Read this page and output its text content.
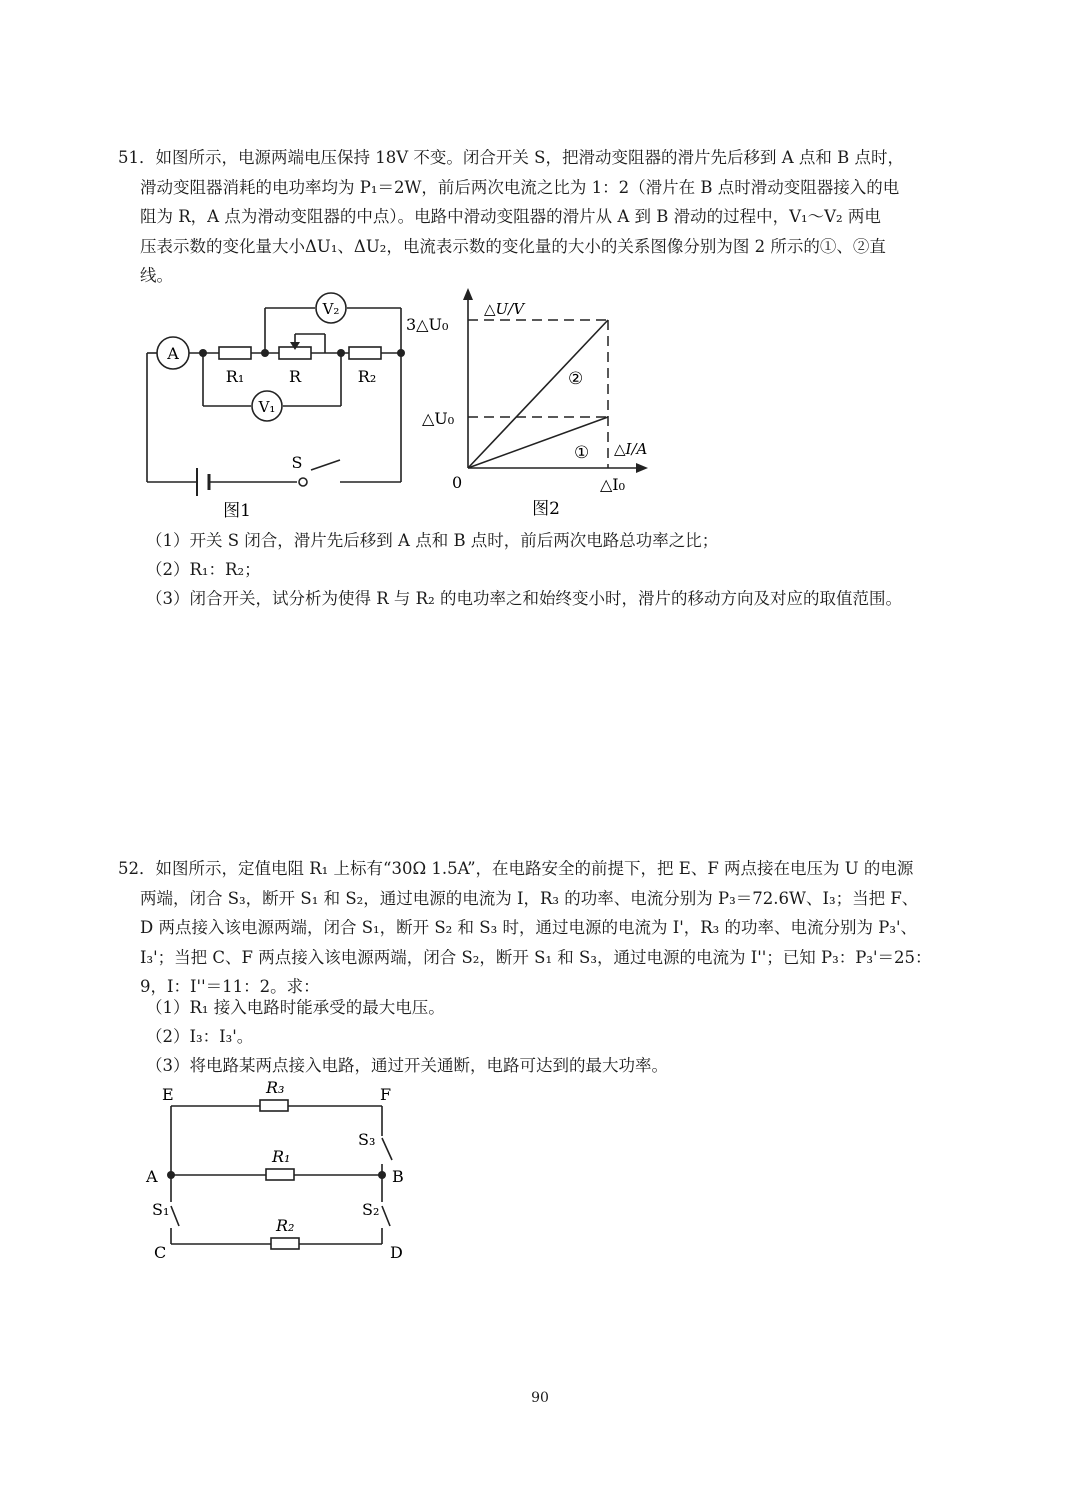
51．如图所示，电源两端电压保持 18V 不变。闭合开关 S，把滑动变阻器的滑片先后移到 A 点和 B 点时，
滑动变阻器消耗的电功率均为 P₁＝2W，前后两次电流之比为 1：2（滑片在 B 点时滑动变阻器接入的电
阻为 R，A 点为滑动变阻器的中点）。电路中滑动变阻器的滑片从 A 到 B 滑动的过程中，V₁～V₂ 两电
压表示数的变化量大小ΔU₁、ΔU₂，电流表示数的变化量的大小的关系图像分别为图 2 所示的①、②直
线。
A
V₂
V₁
R₁	R	R₂
S
图1
△U/V
△I/A
3△U₀
△U₀
△I₀
0
①
②
图2
（1）开关 S 闭合，滑片先后移到 A 点和 B 点时，前后两次电路总功率之比；
（2）R₁：R₂；
（3）闭合开关，试分析为使得 R 与 R₂ 的电功率之和始终变小时，滑片的移动方向及对应的取值范围。
52．如图所示，定值电阻 R₁ 上标有“30Ω 1.5A”，在电路安全的前提下，把 E、F 两点接在电压为 U 的电源
两端，闭合 S₃，断开 S₁ 和 S₂，通过电源的电流为 I，R₃ 的功率、电流分别为 P₃＝72.6W、I₃；当把 F、
D 两点接入该电源两端，闭合 S₁，断开 S₂ 和 S₃ 时，通过电源的电流为 I'，R₃ 的功率、电流分别为 P₃'、
I₃'；当把 C、F 两点接入该电源两端，闭合 S₂，断开 S₁ 和 S₃，通过电源的电流为 I''；已知 P₃：P₃'＝25：
9，I：I''＝11：2。求：
（1）R₁ 接入电路时能承受的最大电压。
（2）I₃：I₃'。
（3）将电路某两点接入电路，通过开关通断，电路可达到的最大功率。
E	F
A	B
C	D
R₃
R₁
R₂
S₃
S₁	S₂
90
